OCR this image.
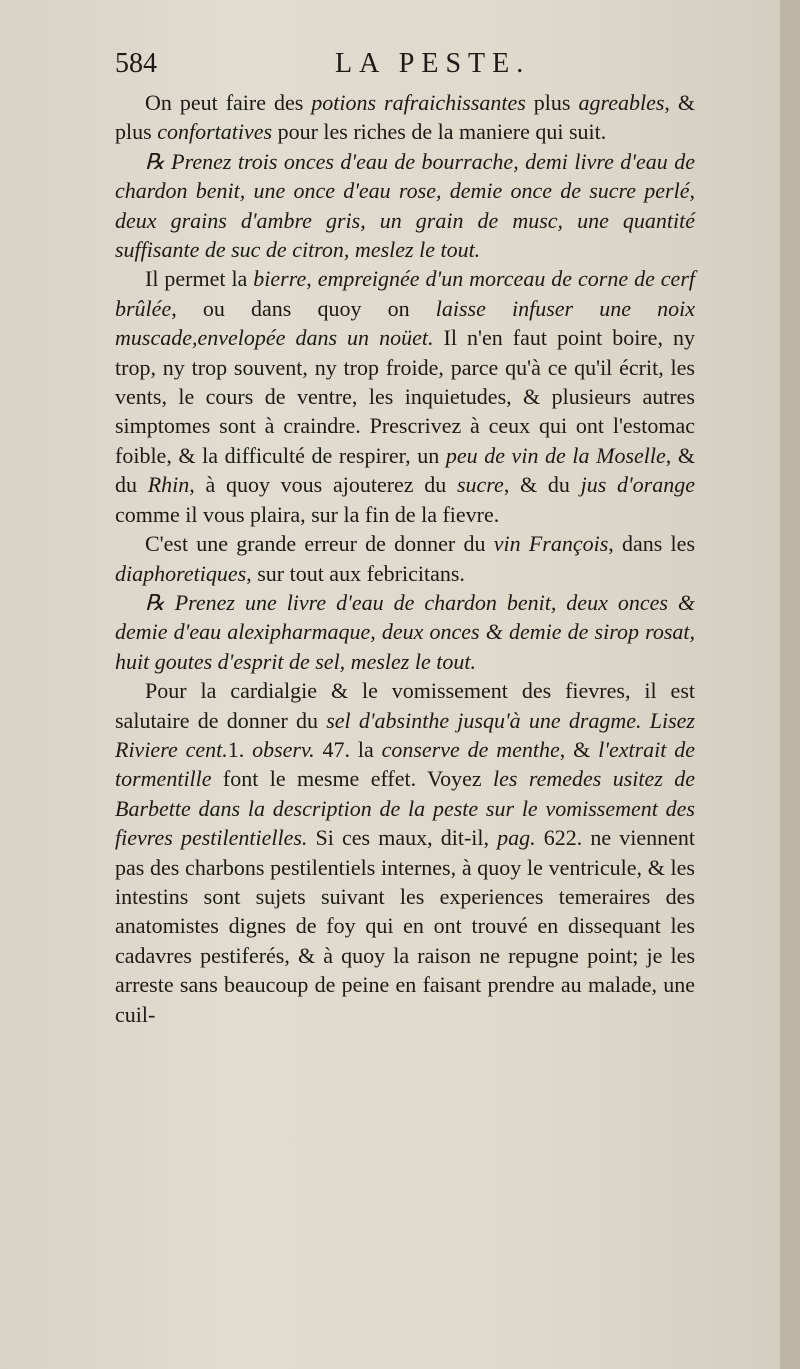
584	LA PESTE.

On peut faire des potions rafraichissantes plus agreables, & plus confortatives pour les riches de la maniere qui suit.

℞ Prenez trois onces d'eau de bourrache, demi livre d'eau de chardon benit, une once d'eau rose, demie once de sucre perlé, deux grains d'ambre gris, un grain de musc, une quantité suffisante de suc de citron, meslez le tout.

Il permet la bierre, empreignée d'un morceau de corne de cerf brûlée, ou dans quoy on laisse infuser une noix muscade,envelopée dans un noüet. Il n'en faut point boire, ny trop, ny trop souvent, ny trop froide, parce qu'à ce qu'il écrit, les vents, le cours de ventre, les inquietudes, & plusieurs autres simptomes sont à craindre. Prescrivez à ceux qui ont l'estomac foible, & la difficulté de respirer, un peu de vin de la Moselle, & du Rhin, à quoy vous ajouterez du sucre, & du jus d'orange comme il vous plaira, sur la fin de la fievre.

C'est une grande erreur de donner du vin François, dans les diaphoretiques, sur tout aux febricitans.

℞ Prenez une livre d'eau de chardon benit, deux onces & demie d'eau alexipharmaque, deux onces & demie de sirop rosat, huit goutes d'esprit de sel, meslez le tout.

Pour la cardialgie & le vomissement des fievres, il est salutaire de donner du sel d'absinthe jusqu'à une dragme. Lisez Riviere cent.1. observ. 47. la conserve de menthe, & l'extrait de tormentille font le mesme effet. Voyez les remedes usitez de Barbette dans la description de la peste sur le vomissement des fievres pestilentielles. Si ces maux, dit-il, pag. 622. ne viennent pas des charbons pestilentiels internes, à quoy le ventricule, & les intestins sont sujets suivant les experiences temeraires des anatomistes dignes de foy qui en ont trouvé en dissequant les cadavres pestiferés, & à quoy la raison ne repugne point; je les arreste sans beaucoup de peine en faisant prendre au malade, une cuil-
